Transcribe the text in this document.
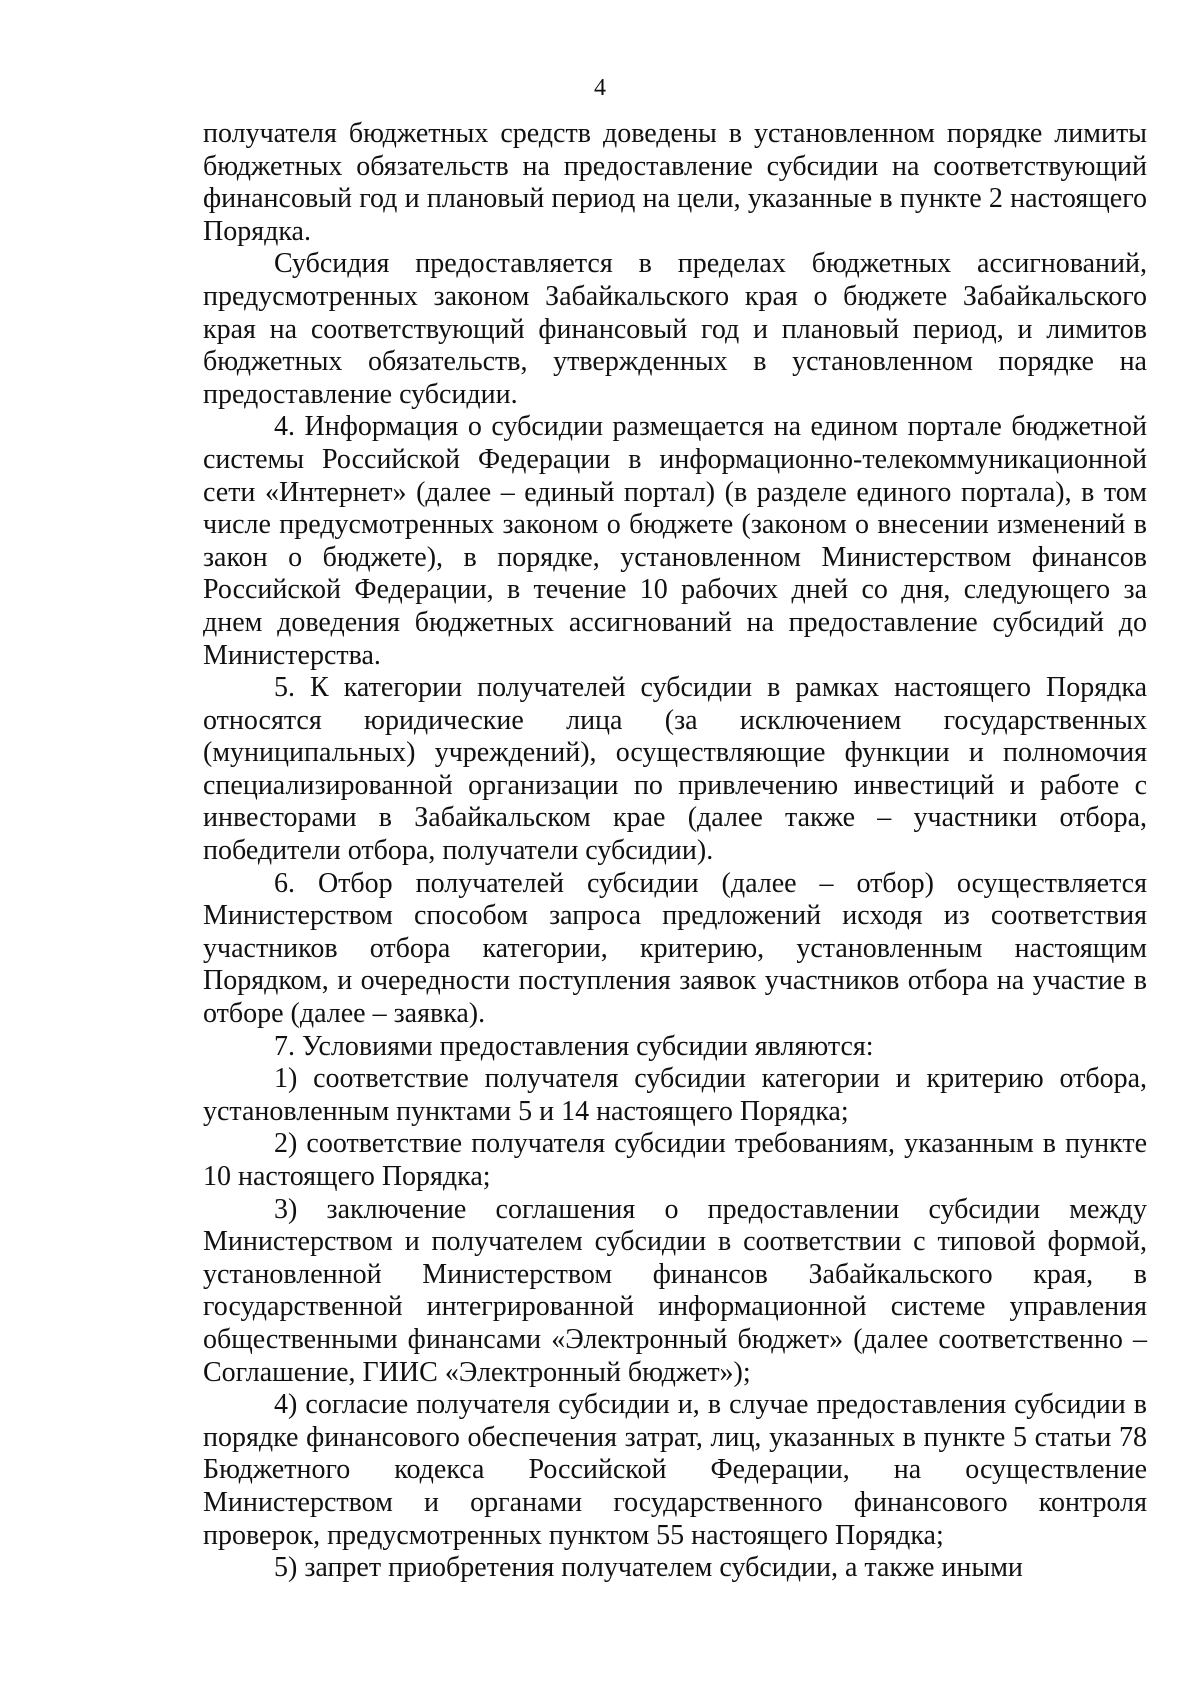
4

получателя бюджетных средств доведены в установленном порядке лимиты бюджетных обязательств на предоставление субсидии на соответствующий финансовый год и плановый период на цели, указанные в пункте 2 настоящего Порядка.

Субсидия предоставляется в пределах бюджетных ассигнований, предусмотренных законом Забайкальского края о бюджете Забайкальского края на соответствующий финансовый год и плановый период, и лимитов бюджетных обязательств, утвержденных в установленном порядке на предоставление субсидии.

4. Информация о субсидии размещается на едином портале бюджетной системы Российской Федерации в информационно-телекоммуникационной сети «Интернет» (далее – единый портал) (в разделе единого портала), в том числе предусмотренных законом о бюджете (законом о внесении изменений в закон о бюджете), в порядке, установленном Министерством финансов Российской Федерации, в течение 10 рабочих дней со дня, следующего за днем доведения бюджетных ассигнований на предоставление субсидий до Министерства.

5. К категории получателей субсидии в рамках настоящего Порядка относятся юридические лица (за исключением государственных (муниципальных) учреждений), осуществляющие функции и полномочия специализированной организации по привлечению инвестиций и работе с инвесторами в Забайкальском крае (далее также – участники отбора, победители отбора, получатели субсидии).

6. Отбор получателей субсидии (далее – отбор) осуществляется Министерством способом запроса предложений исходя из соответствия участников отбора категории, критерию, установленным настоящим Порядком, и очередности поступления заявок участников отбора на участие в отборе (далее – заявка).

7. Условиями предоставления субсидии являются:

1) соответствие получателя субсидии категории и критерию отбора, установленным пунктами 5 и 14 настоящего Порядка;

2) соответствие получателя субсидии требованиям, указанным в пункте 10 настоящего Порядка;

3) заключение соглашения о предоставлении субсидии между Министерством и получателем субсидии в соответствии с типовой формой, установленной Министерством финансов Забайкальского края, в государственной интегрированной информационной системе управления общественными финансами «Электронный бюджет» (далее соответственно – Соглашение, ГИИС «Электронный бюджет»);

4) согласие получателя субсидии и, в случае предоставления субсидии в порядке финансового обеспечения затрат, лиц, указанных в пункте 5 статьи 78 Бюджетного кодекса Российской Федерации, на осуществление Министерством и органами государственного финансового контроля проверок, предусмотренных пунктом 55 настоящего Порядка;

5) запрет приобретения получателем субсидии, а также иными
